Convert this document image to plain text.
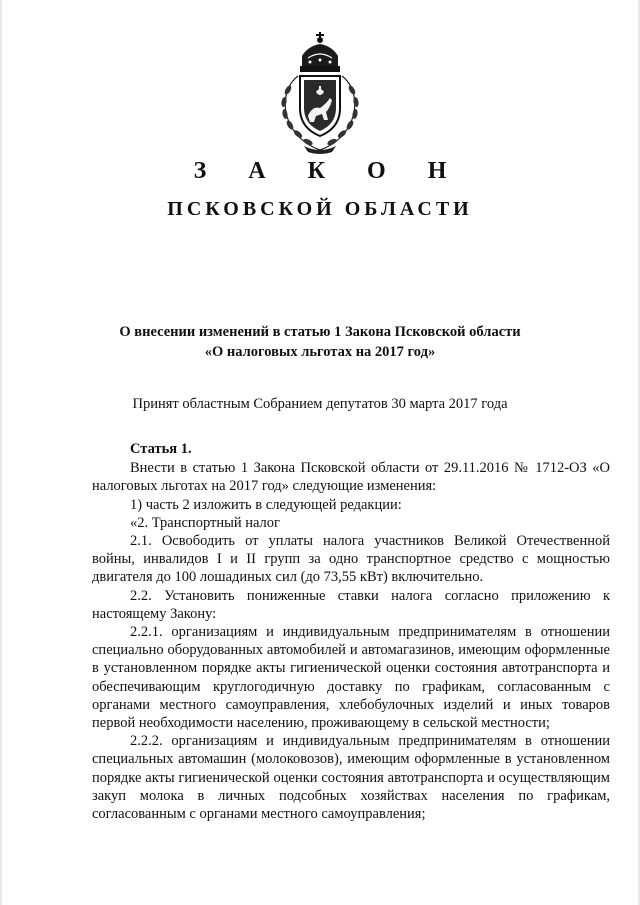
З А К О Н
ПСКОВСКОЙ ОБЛАСТИ
О внесении изменений в статью 1 Закона Псковской области
«О налоговых льготах на 2017 год»
Принят областным Собранием депутатов 30 марта 2017 года

Статья 1.

Внести в статью 1 Закона Псковской области от 29.11.2016 № 1712-ОЗ «О налоговых льготах на 2017 год» следующие изменения:

1) часть 2 изложить в следующей редакции:

«2. Транспортный налог

2.1. Освободить от уплаты налога участников Великой Отечественной войны, инвалидов I и II групп за одно транспортное средство с мощностью двигателя до 100 лошадиных сил (до 73,55 кВт) включительно.

2.2. Установить пониженные ставки налога согласно приложению к настоящему Закону:

2.2.1. организациям и индивидуальным предпринимателям в отношении специально оборудованных автомобилей и автомагазинов, имеющим оформленные в установленном порядке акты гигиенической оценки состояния автотранспорта и обеспечивающим круглогодичную доставку по графикам, согласованным с органами местного самоуправления, хлебобулочных изделий и иных товаров первой необходимости населению, проживающему в сельской местности;

2.2.2. организациям и индивидуальным предпринимателям в отношении специальных автомашин (молоковозов), имеющим оформленные в установленном порядке акты гигиенической оценки состояния автотранспорта и осуществляющим закуп молока в личных подсобных хозяйствах населения по графикам, согласованным с органами местного самоуправления;
